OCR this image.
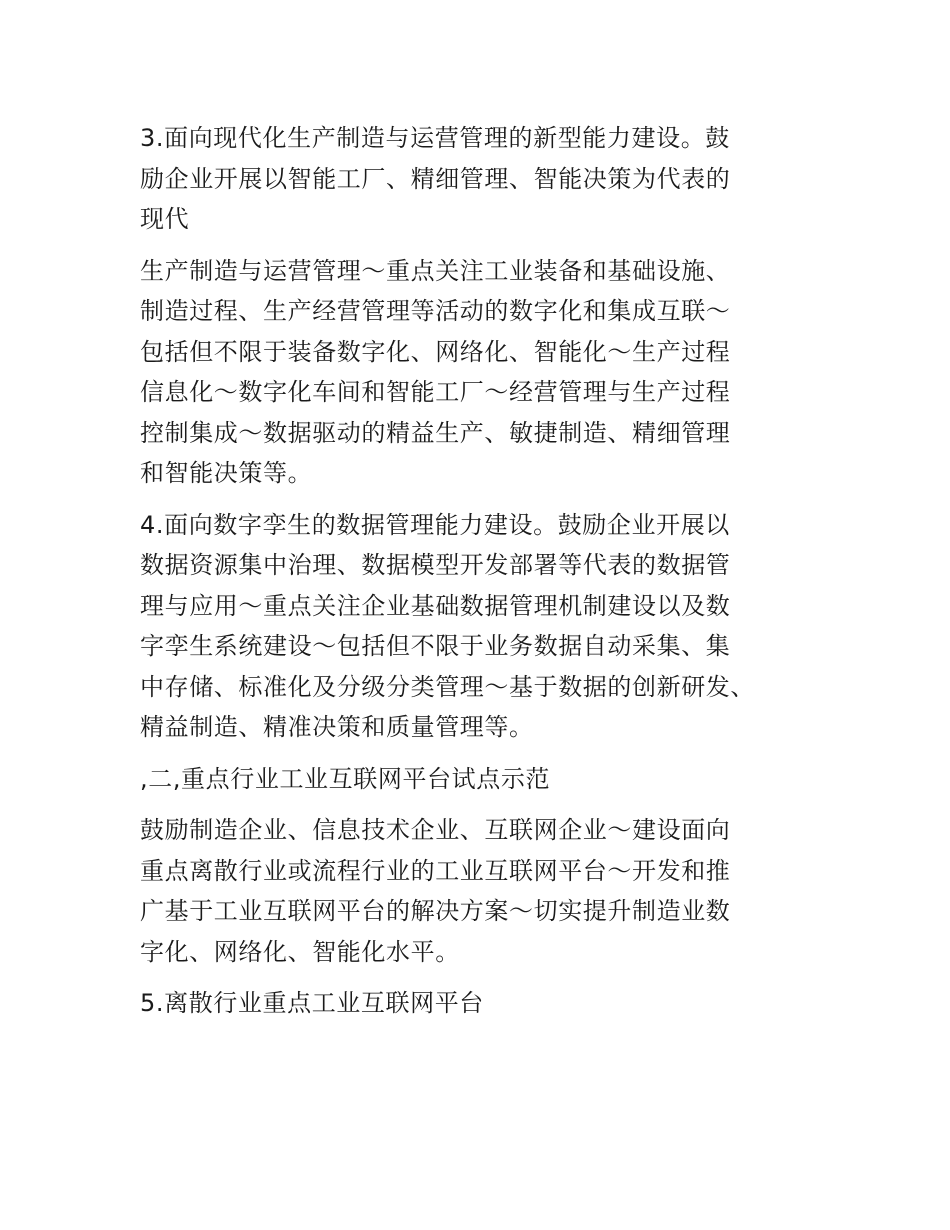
3.面向现代化生产制造与运营管理的新型能力建设。鼓
励企业开展以智能工厂、精细管理、智能决策为代表的
现代

生产制造与运营管理～重点关注工业装备和基础设施、
制造过程、生产经营管理等活动的数字化和集成互联～
包括但不限于装备数字化、网络化、智能化～生产过程
信息化～数字化车间和智能工厂～经营管理与生产过程
控制集成～数据驱动的精益生产、敏捷制造、精细管理
和智能决策等。

4.面向数字孪生的数据管理能力建设。鼓励企业开展以
数据资源集中治理、数据模型开发部署等代表的数据管
理与应用～重点关注企业基础数据管理机制建设以及数
字孪生系统建设～包括但不限于业务数据自动采集、集
中存储、标准化及分级分类管理～基于数据的创新研发、
精益制造、精准决策和质量管理等。

,二,重点行业工业互联网平台试点示范

鼓励制造企业、信息技术企业、互联网企业～建设面向
重点离散行业或流程行业的工业互联网平台～开发和推
广基于工业互联网平台的解决方案～切实提升制造业数
字化、网络化、智能化水平。

5.离散行业重点工业互联网平台
